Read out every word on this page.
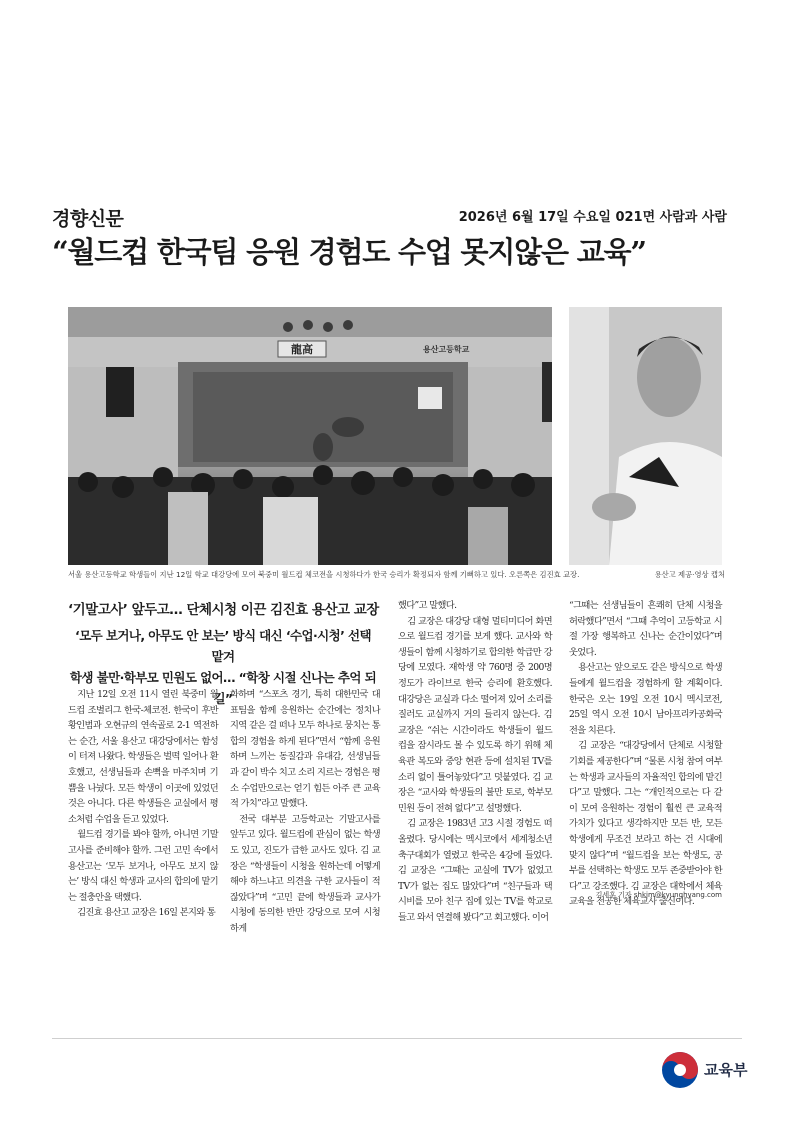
경향신문	2026년 6월 17일 수요일 021면 사람과 사람
“월드컵 한국팀 응원 경험도 수업 못지않은 교육”
龍高	용산고등학교
서울 용산고등학교 학생들이 지난 12일 학교 대강당에 모여 북중미 월드컵 체코전을 시청하다가 한국 승리가 확정되자 함께 기뻐하고 있다. 오른쪽은 김진효 교장.	용산고 제공·영상 캡처
‘기말고사’ 앞두고… 단체시청 이끈 김진효 용산고 교장
‘모두 보거나, 아무도 안 보는’ 방식 대신 ‘수업·시청’ 선택 맡겨
학생 불만·학부모 민원도 없어… “학창 시절 신나는 추억 되길”

지난 12일 오전 11시 열린 북중미 월드컵 조별리그 한국-체코전. 한국이 후반 황인범과 오현규의 연속골로 2-1 역전하는 순간, 서울 용산고 대강당에서는 함성이 터져 나왔다. 학생들은 벌떡 일어나 환호했고, 선생님들과 손뼉을 마주치며 기쁨을 나눴다. 모든 학생이 이곳에 있었던 것은 아니다. 다른 학생들은 교실에서 평소처럼 수업을 듣고 있었다.

월드컵 경기를 봐야 할까, 아니면 기말고사를 준비해야 할까. 그런 고민 속에서 용산고는 ‘모두 보거나, 아무도 보지 않는’ 방식 대신 학생과 교사의 합의에 맡기는 절충안을 택했다.

김진효 용산고 교장은 16일 본지와 통

화하며 “스포츠 경기, 특히 대한민국 대표팀을 함께 응원하는 순간에는 정치나 지역 같은 걸 떠나 모두 하나로 뭉치는 통합의 경험을 하게 된다”면서 “함께 응원하며 느끼는 동질감과 유대감, 선생님들과 같이 박수 치고 소리 지르는 경험은 평소 수업만으로는 얻기 힘든 아주 큰 교육적 가치”라고 말했다.

전국 대부분 고등학교는 기말고사를 앞두고 있다. 월드컵에 관심이 없는 학생도 있고, 진도가 급한 교사도 있다. 김 교장은 “학생들이 시청을 원하는데 어떻게 해야 하느냐고 의견을 구한 교사들이 적잖았다”며 “고민 끝에 학생들과 교사가 시청에 동의한 반만 강당으로 모여 시청하게

했다”고 말했다.

김 교장은 대강당 대형 멀티미디어 화면으로 월드컵 경기를 보게 했다. 교사와 학생들이 함께 시청하기로 합의한 학급만 강당에 모였다. 재학생 약 760명 중 200명 정도가 라이브로 한국 승리에 환호했다. 대강당은 교실과 다소 떨어져 있어 소리를 질러도 교실까지 거의 들리지 않는다. 김 교장은 “쉬는 시간이라도 학생들이 월드컵을 잠시라도 볼 수 있도록 하기 위해 체육관 복도와 중앙 현관 등에 설치된 TV를 소리 없이 틀어놓았다”고 덧붙였다. 김 교장은 “교사와 학생들의 불만 토로, 학부모 민원 등이 전혀 없다”고 설명했다.

김 교장은 1983년 고3 시절 경험도 떠올렸다. 당시에는 멕시코에서 세계청소년축구대회가 열렸고 한국은 4강에 들었다. 김 교장은 “그때는 교실에 TV가 없었고 TV가 없는 집도 많았다”며 “친구들과 택시비를 모아 친구 집에 있는 TV를 학교로 들고 와서 연결해 봤다”고 회고했다. 이어

“그때는 선생님들이 흔쾌히 단체 시청을 허락했다”면서 “그때 추억이 고등학교 시절 가장 행복하고 신나는 순간이었다”며 웃었다.

용산고는 앞으로도 같은 방식으로 학생들에게 월드컵을 경험하게 할 계획이다. 한국은 오는 19일 오전 10시 멕시코전, 25일 역시 오전 10시 남아프리카공화국전을 치른다.

김 교장은 “대강당에서 단체로 시청할 기회를 제공한다”며 “물론 시청 참여 여부는 학생과 교사들의 자율적인 합의에 맡긴다”고 말했다. 그는 “개인적으로는 다 같이 모여 응원하는 경험이 훨씬 큰 교육적 가치가 있다고 생각하지만 모든 반, 모든 학생에게 무조건 보라고 하는 건 시대에 맞지 않다”며 “월드컵을 보는 학생도, 공부를 선택하는 학생도 모두 존중받아야 한다”고 강조했다. 김 교장은 대학에서 체육교육을 전공한 체육교사 출신이다.

김세훈 기자 shkim@kyunghyang.com
교육부
